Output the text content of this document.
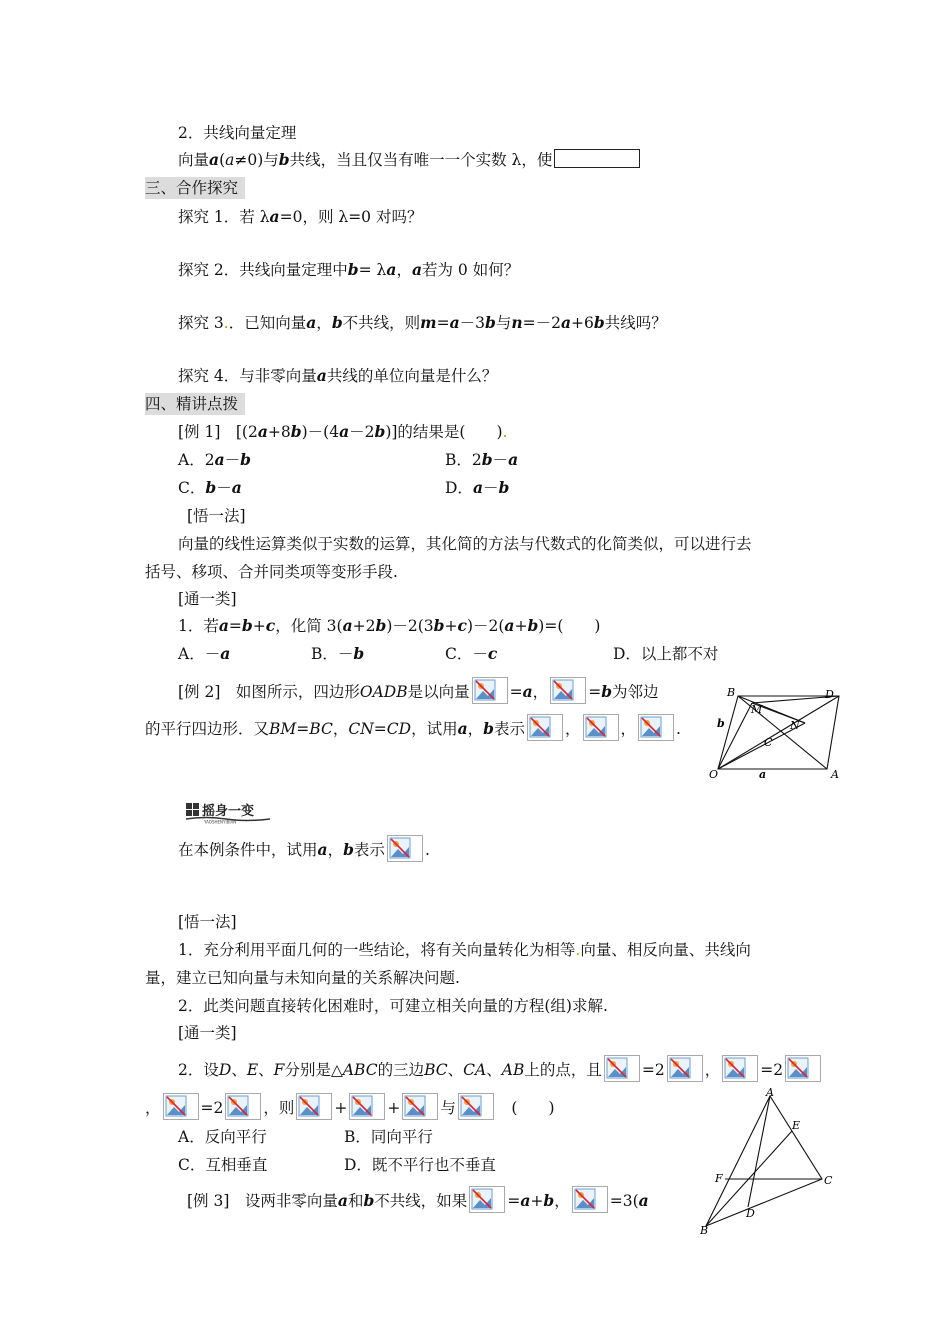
2．共线向量定理
向量a(a≠0)与b共线，当且仅当有唯一一个实数 λ，使
三、合作探究
探究 1．若 λa=0，则 λ=0 对吗？
探究 2．共线向量定理中b= λa，a若为 0 如何？
探究 3.．已知向量a，b不共线，则m=a－3b与n=－2a+6b共线吗？
探究 4．与非零向量a共线的单位向量是什么？
四、精讲点拨
[例 1]　[(2a+8b)－(4a－2b)]的结果是(　　).
A．2a－b	B．2b－a
C．b－a	D．a－b
[悟一法]
向量的线性运算类似于实数的运算，其化简的方法与代数式的化简类似，可以进行去
括号、移项、合并同类项等变形手段.
[通一类]
1．若a=b+c，化简 3(a+2b)－2(3b+c)－2(a+b)=(　　)
A．－a	B．－b	C．－c	D．以上都不对
[例 2]　如图所示，四边形OADB是以向量	=a，	=b为邻边
的平行四边形．又BM=BC，CN=CD，试用a，b表示	，	，	.
B	D
M
N
C
O	A
a
b
摇身一变
YAOSHENYIBIAN
在本例条件中，试用a，b表示	.
[悟一法]
1．充分利用平面几何的一些结论，将有关向量转化为相等.向量、相反向量、共线向
量，建立已知向量与未知向量的关系解决问题.
2．此类问题直接转化困难时，可建立相关向量的方程(组)求解.
[通一类]
2．设D、E、F分别是△ABC的三边BC、CA、AB上的点，且	=2	，	=2
，	=2	，则	+	+	与
　	(　　)
A．反向平行	B．同向平行
C．互相垂直	D．既不平行也不垂直
[例 3]　设两非零向量a和b不共线，如果	=a+b，	=3(a
A
E
F	C
D
B
